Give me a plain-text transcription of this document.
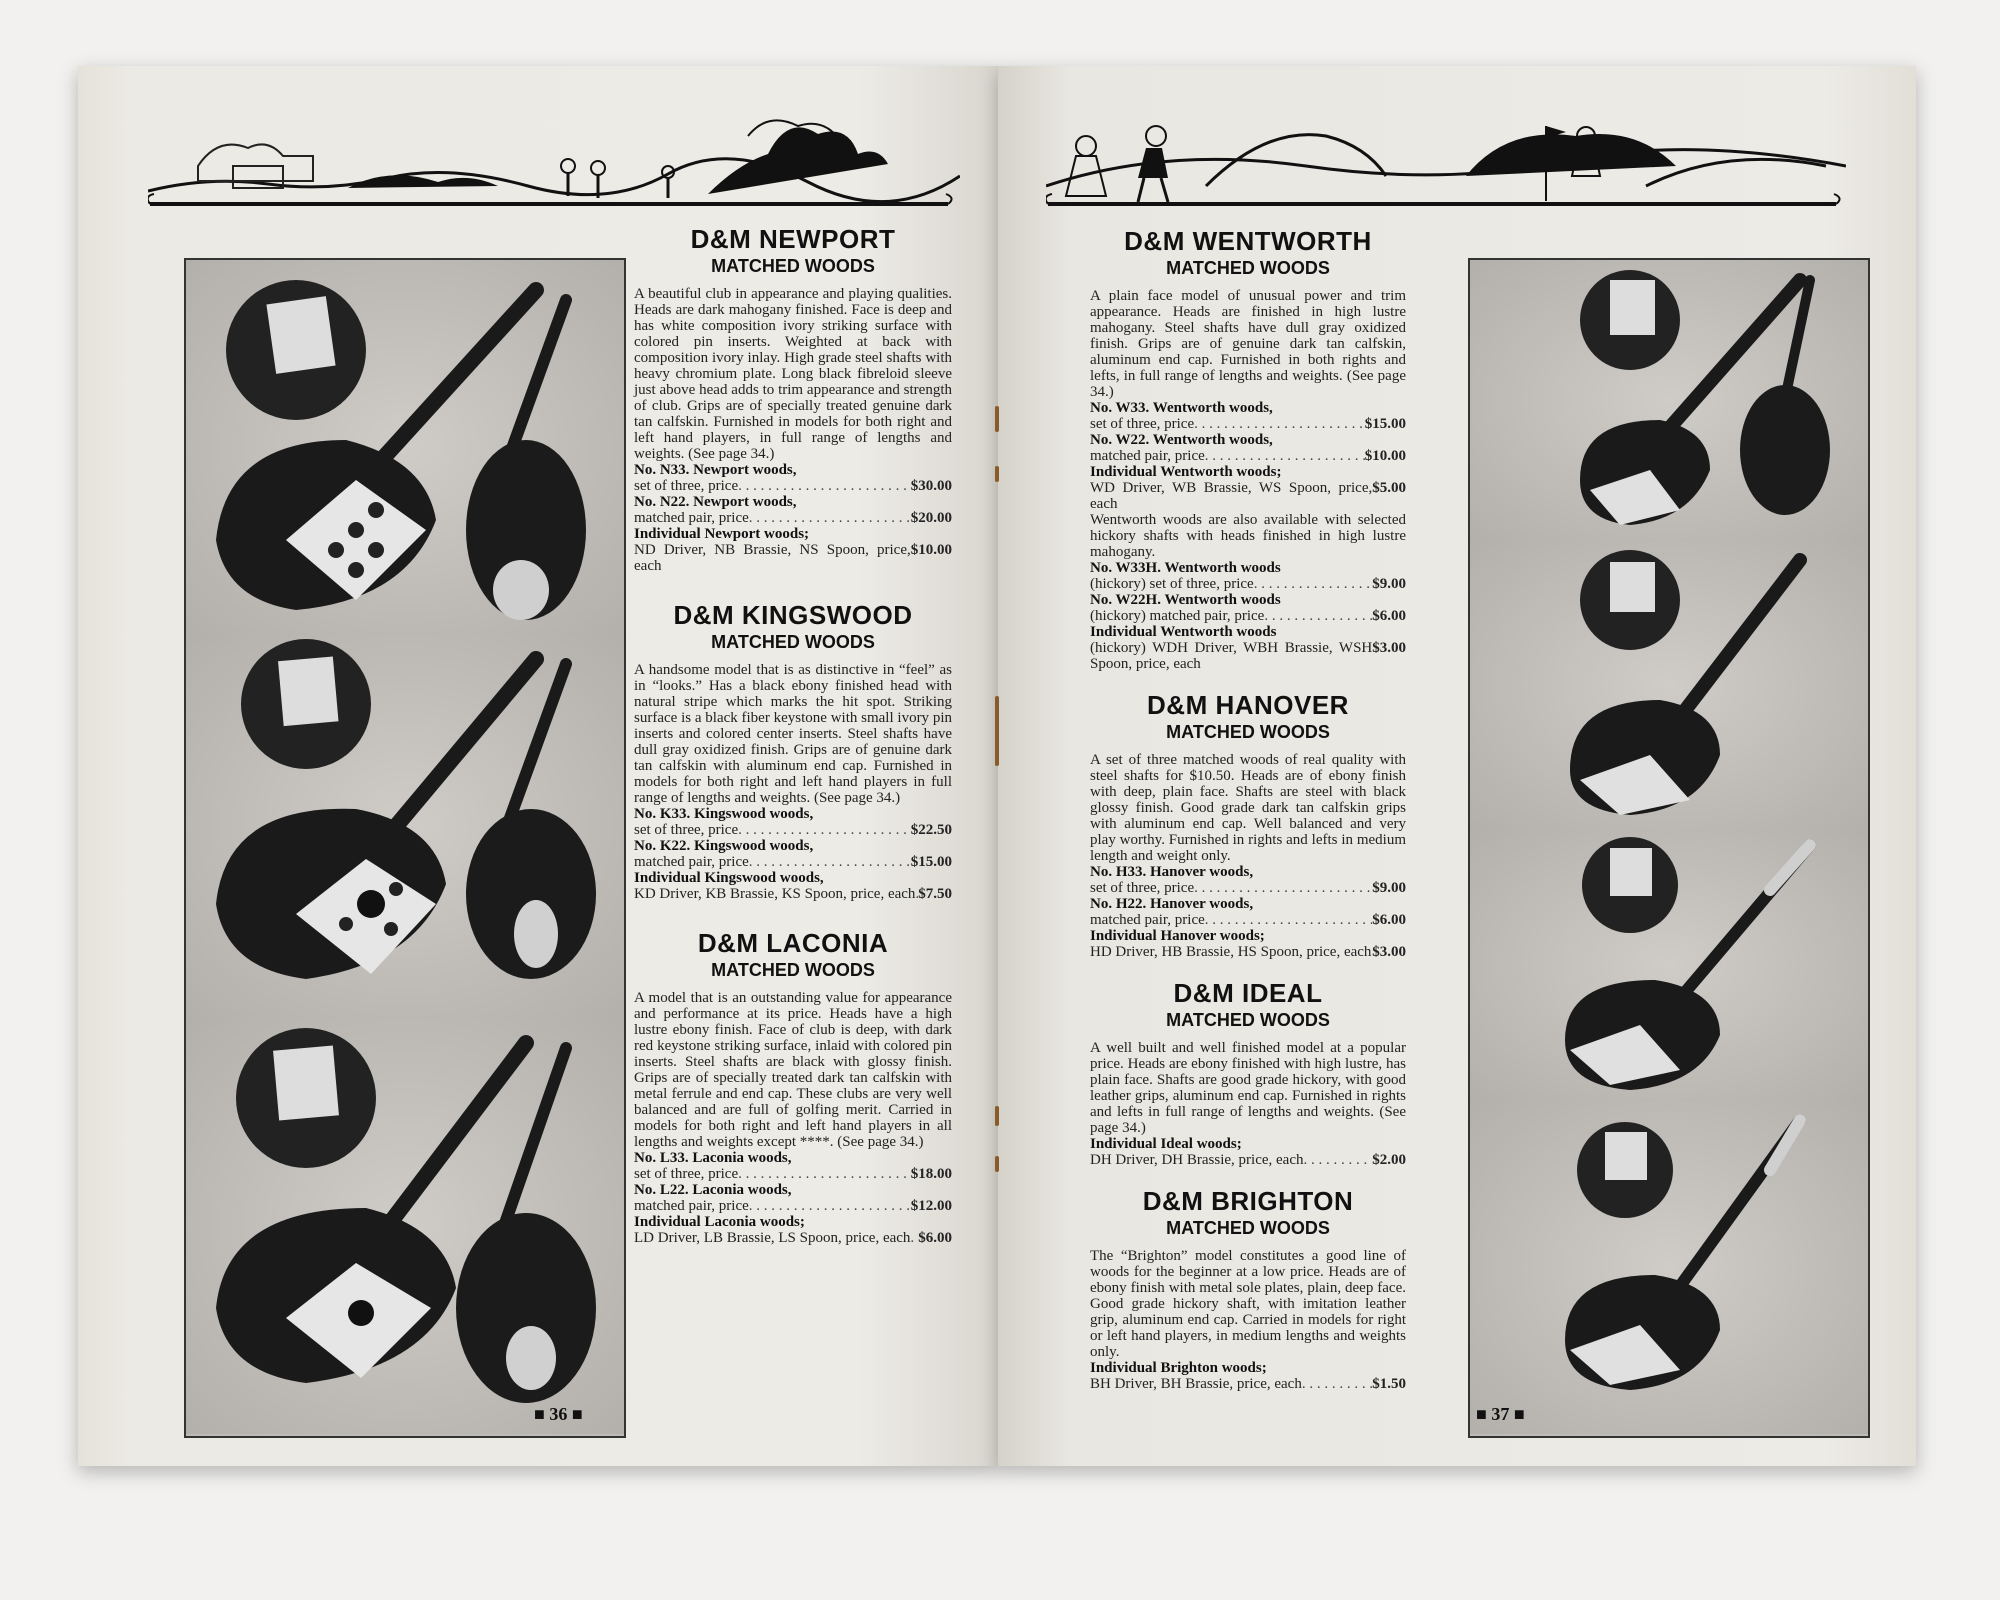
D&M NEWPORT
MATCHED WOODS

A beautiful club in appearance and playing qualities. Heads are dark mahogany finished. Face is deep and has white composition ivory striking surface with colored pin inserts. Weighted at back with composition ivory inlay. High grade steel shafts with heavy chromium plate. Long black fibreloid sleeve just above head adds to trim appearance and strength of club. Grips are of specially treated genuine dark tan calfskin. Furnished in models for both right and left hand players, in full range of lengths and weights. (See page 34.)

No. N33. Newport woods,
set of three, price . . .	$30.00
No. N22. Newport woods,
matched pair, price . . .	$20.00
Individual Newport woods;
ND Driver, NB Brassie, NS Spoon, price, each
$10.00
D&M KINGSWOOD
MATCHED WOODS

A handsome model that is as distinctive in “feel” as in “looks.” Has a black ebony finished head with natural stripe which marks the hit spot. Striking surface is a black fiber keystone with small ivory pin inserts and colored center inserts. Steel shafts have dull gray oxidized finish. Grips are of genuine dark tan calfskin with aluminum end cap. Furnished in models for both right and left hand players in full range of lengths and weights. (See page 34.)

No. K33. Kingswood woods,
set of three, price . . .	$22.50
No. K22. Kingswood woods,
matched pair, price . . .	$15.00
Individual Kingswood woods,
KD Driver, KB Brassie, KS Spoon, price, each . . . $7.50
D&M LACONIA
MATCHED WOODS

A model that is an outstanding value for appearance and performance at its price. Heads have a high lustre ebony finish. Face of club is deep, with dark red keystone striking surface, inlaid with colored pin inserts. Steel shafts are black with glossy finish. Grips are of specially treated dark tan calfskin with metal ferrule and end cap. These clubs are very well balanced and are full of golfing merit. Carried in models for both right and left hand players in all lengths and weights except ****. (See page 34.)

No. L33. Laconia woods,
set of three, price . . .	$18.00
No. L22. Laconia woods,
matched pair, price . . .	$12.00
Individual Laconia woods;
LD Driver, LB Brassie, LS Spoon, price, each . . . $6.00
■ 36 ■
D&M WENTWORTH
MATCHED WOODS

A plain face model of unusual power and trim appearance. Heads are finished in high lustre mahogany. Steel shafts have dull gray oxidized finish. Grips are of genuine dark tan calfskin, aluminum end cap. Furnished in both rights and lefts, in full range of lengths and weights. (See page 34.)

No. W33. Wentworth woods,
set of three, price . . .	$15.00
No. W22. Wentworth woods,
matched pair, price . . .	$10.00
Individual Wentworth woods;
WD Driver, WB Brassie, WS Spoon, price, each
$5.00

Wentworth woods are also available with selected hickory shafts with heads finished in high lustre mahogany.

No. W33H. Wentworth woods
(hickory) set of three, price . . .	$9.00
No. W22H. Wentworth woods
(hickory) matched pair, price . . .	$6.00
Individual Wentworth woods
(hickory) WDH Driver, WBH Brassie, WSH Spoon, price, each
$3.00
D&M HANOVER
MATCHED WOODS

A set of three matched woods of real quality with steel shafts for $10.50. Heads are of ebony finish with deep, plain face. Shafts are steel with black glossy finish. Good grade dark tan calfskin grips with aluminum end cap. Well balanced and very play worthy. Furnished in rights and lefts in medium length and weight only.

No. H33. Hanover woods,
set of three, price . . .	$9.00
No. H22. Hanover woods,
matched pair, price . . .	$6.00
Individual Hanover woods;
HD Driver, HB Brassie, HS Spoon, price, each . . . $3.00
D&M IDEAL
MATCHED WOODS

A well built and well finished model at a popular price. Heads are ebony finished with high lustre, has plain face. Shafts are good grade hickory, with good leather grips, aluminum end cap. Furnished in rights and lefts in full range of lengths and weights. (See page 34.)

Individual Ideal woods;
DH Driver, DH Brassie, price, each . . .	$2.00
D&M BRIGHTON
MATCHED WOODS

The “Brighton” model constitutes a good line of woods for the beginner at a low price. Heads are of ebony finish with metal sole plates, plain, deep face. Good grade hickory shaft, with imitation leather grip, aluminum end cap. Carried in models for right or left hand players, in medium lengths and weights only.

Individual Brighton woods;
BH Driver, BH Brassie, price, each . . .	$1.50
■ 37 ■
